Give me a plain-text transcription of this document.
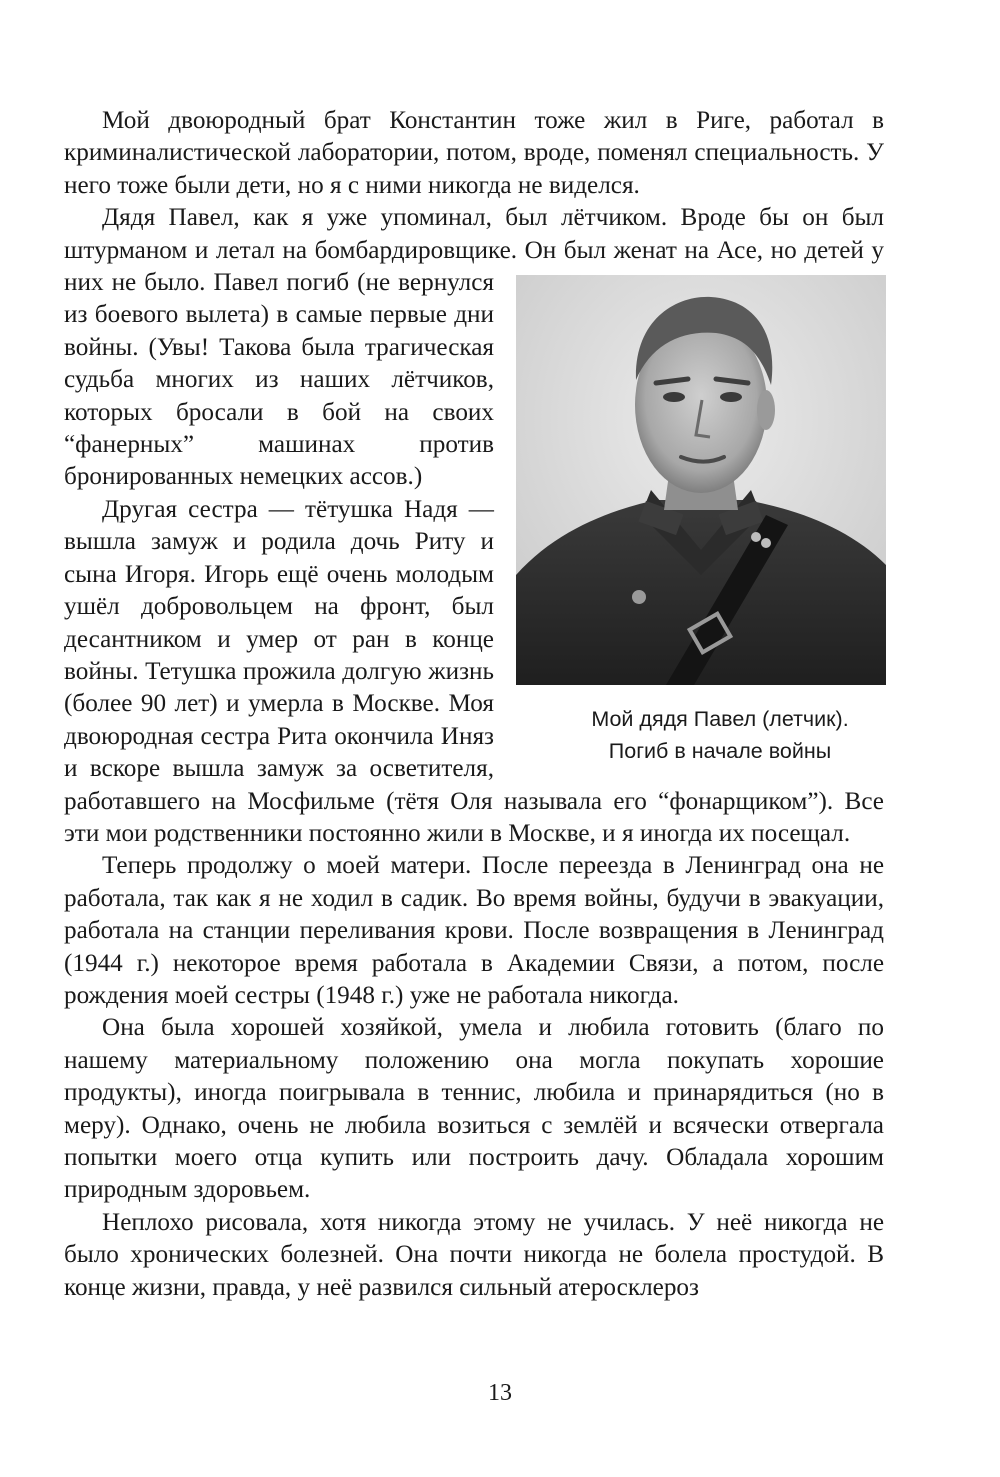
Мой двоюродный брат Константин тоже жил в Риге, работал в криминалистической лаборатории, потом, вроде, поменял специальность. У него тоже были дети, но я с ними никогда не виделся.

Дядя Павел, как я уже упоминал, был лётчиком. Вроде бы он был штурманом и летал на бомбардировщике. Он был женат на Асе,
Мой дядя Павел (летчик).
Погиб в начале войны
но детей у них не было. Павел погиб (не вернулся из боевого вылета) в самые первые дни войны. (Увы! Такова была трагическая судьба многих из наших лётчиков, которых бросали в бой на своих “фанерных” машинах против бронированных немецких ассов.)

Другая сестра — тётушка Надя — вышла замуж и родила дочь Риту и сына Игоря. Игорь ещё очень молодым ушёл добровольцем на фронт, был десантником и умер от ран в конце войны. Тетушка прожила долгую жизнь (более 90 лет) и умерла в Москве. Моя двоюродная сестра Рита окончила Иняз и вскоре вышла замуж за осветителя, работавшего на Мосфильме (тётя Оля называла его “фонарщиком”). Все эти мои родственники постоянно жили в Москве, и я иногда их посещал.

Теперь продолжу о моей матери. После переезда в Ленинград она не работала, так как я не ходил в садик. Во время войны, будучи в эвакуации, работала на станции переливания крови. После возвращения в Ленинград (1944 г.) некоторое время работала в Академии Связи, а потом, после рождения моей сестры (1948 г.) уже не работала никогда.

Она была хорошей хозяйкой, умела и любила готовить (благо по нашему материальному положению она могла покупать хорошие продукты), иногда поигрывала в теннис, любила и принарядиться (но в меру). Однако, очень не любила возиться с землёй и всячески отвергала попытки моего отца купить или построить дачу. Обладала хорошим природным здоровьем.

Неплохо рисовала, хотя никогда этому не училась. У неё никогда не было хронических болезней. Она почти никогда не болела простудой. В конце жизни, правда, у неё развился сильный атеросклероз

13
